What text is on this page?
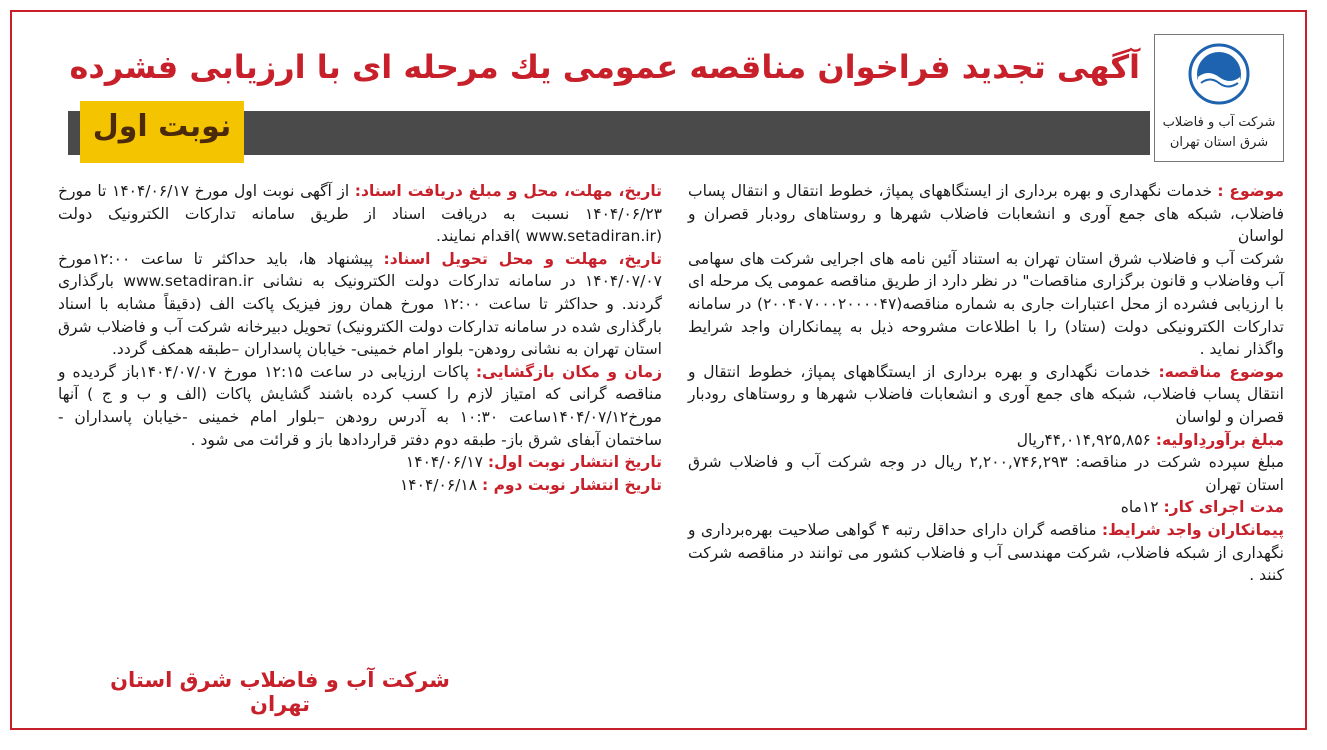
شرکت آب و فاضلاب
شرق استان تهران
آگهی تجدید فراخوان مناقصه عمومی یك مرحله ای با ارزیابی فشرده
نوبت اول

موضوع : خدمات نگهداری و بهره برداری از ایستگاههای پمپاژ، خطوط انتقال و انتقال پساب فاضلاب، شبکه های جمع آوری و انشعابات فاضلاب شهرها و روستاهای رودبار قصران و لواسان

شرکت آب و فاضلاب شرق استان تهران به استناد آئین نامه های اجرایی شرکت های سهامی آب وفاضلاب و قانون برگزاری مناقصات" در نظر دارد از طریق مناقصه عمومی یک مرحله ای با ارزیابی فشرده از محل اعتبارات جاری به شماره مناقصه(۲۰۰۴۰۷۰۰۰۲۰۰۰۰۴۷) در سامانه تدارکات الکترونیکی دولت (ستاد) را با اطلاعات مشروحه ذیل به پیمانکاران واجد شرایط واگذار نماید .

موضوع مناقصه: خدمات نگهداری و بهره برداری از ایستگاههای پمپاژ، خطوط انتقال و انتقال پساب فاضلاب، شبکه های جمع آوری و انشعابات فاضلاب شهرها و روستاهای رودبار قصران و لواسان

مبلغ برآوردِاولیه: ۴۴,۰۱۴,۹۲۵,۸۵۶ریال

مبلغ سپرده شرکت در مناقصه: ۲,۲۰۰,۷۴۶,۲۹۳ ریال در وجه شرکت آب و فاضلاب شرق استان تهران

مدت اجرای کار: ۱۲ماه

پیمانکاران واجد شرایط: مناقصه گران دارای حداقل رتبه ۴ گواهی صلاحیت بهره‌برداری و نگهداری از شبکه فاضلاب، شرکت مهندسی آب و فاضلاب کشور می توانند در مناقصه شرکت کنند .

تاریخ، مهلت، محل و مبلغ دریافت اسناد: از آگهی نوبت اول مورخ ۱۴۰۴/۰۶/۱۷ تا مورخ ۱۴۰۴/۰۶/۲۳ نسبت به دریافت اسناد از طریق سامانه تدارکات الکترونیک دولت (www.setadiran.ir )اقدام نمایند.

تاریخ، مهلت و محل تحویل اسناد: پیشنهاد ها، باید حداکثر تا ساعت ۱۲:۰۰مورخ ۱۴۰۴/۰۷/۰۷ در سامانه تدارکات دولت الکترونیک به نشانی www.setadiran.ir بارگذاری گردند. و حداکثر تا ساعت ۱۲:۰۰ مورخ همان روز فیزیک پاکت الف (دقیقاً مشابه با اسناد بارگذاری شده در سامانه تدارکات دولت الکترونیک) تحویل دبیرخانه شرکت آب و فاضلاب شرق استان تهران به نشانی رودهن- بلوار امام خمینی- خیابان پاسداران –طبقه همکف گردد.

زمان و مکان بازگشایی: پاکات ارزیابی در ساعت ۱۲:۱۵ مورخ ۱۴۰۴/۰۷/۰۷باز گردیده و مناقصه گرانی که امتیاز لازم را کسب کرده باشند گشایش پاکات (الف و ب و ج ) آنها مورخ۱۴۰۴/۰۷/۱۲ساعت ۱۰:۳۰ به آدرس رودهن –بلوار امام خمینی -خیابان پاسداران - ساختمان آبفای شرق باز- طبقه دوم دفتر قراردادها باز و قرائت می شود .

تاریخ انتشار نوبت اول: ۱۴۰۴/۰۶/۱۷

تاریخ انتشار نوبت دوم : ۱۴۰۴/۰۶/۱۸

شرکت آب و فاضلاب شرق استان تهران
